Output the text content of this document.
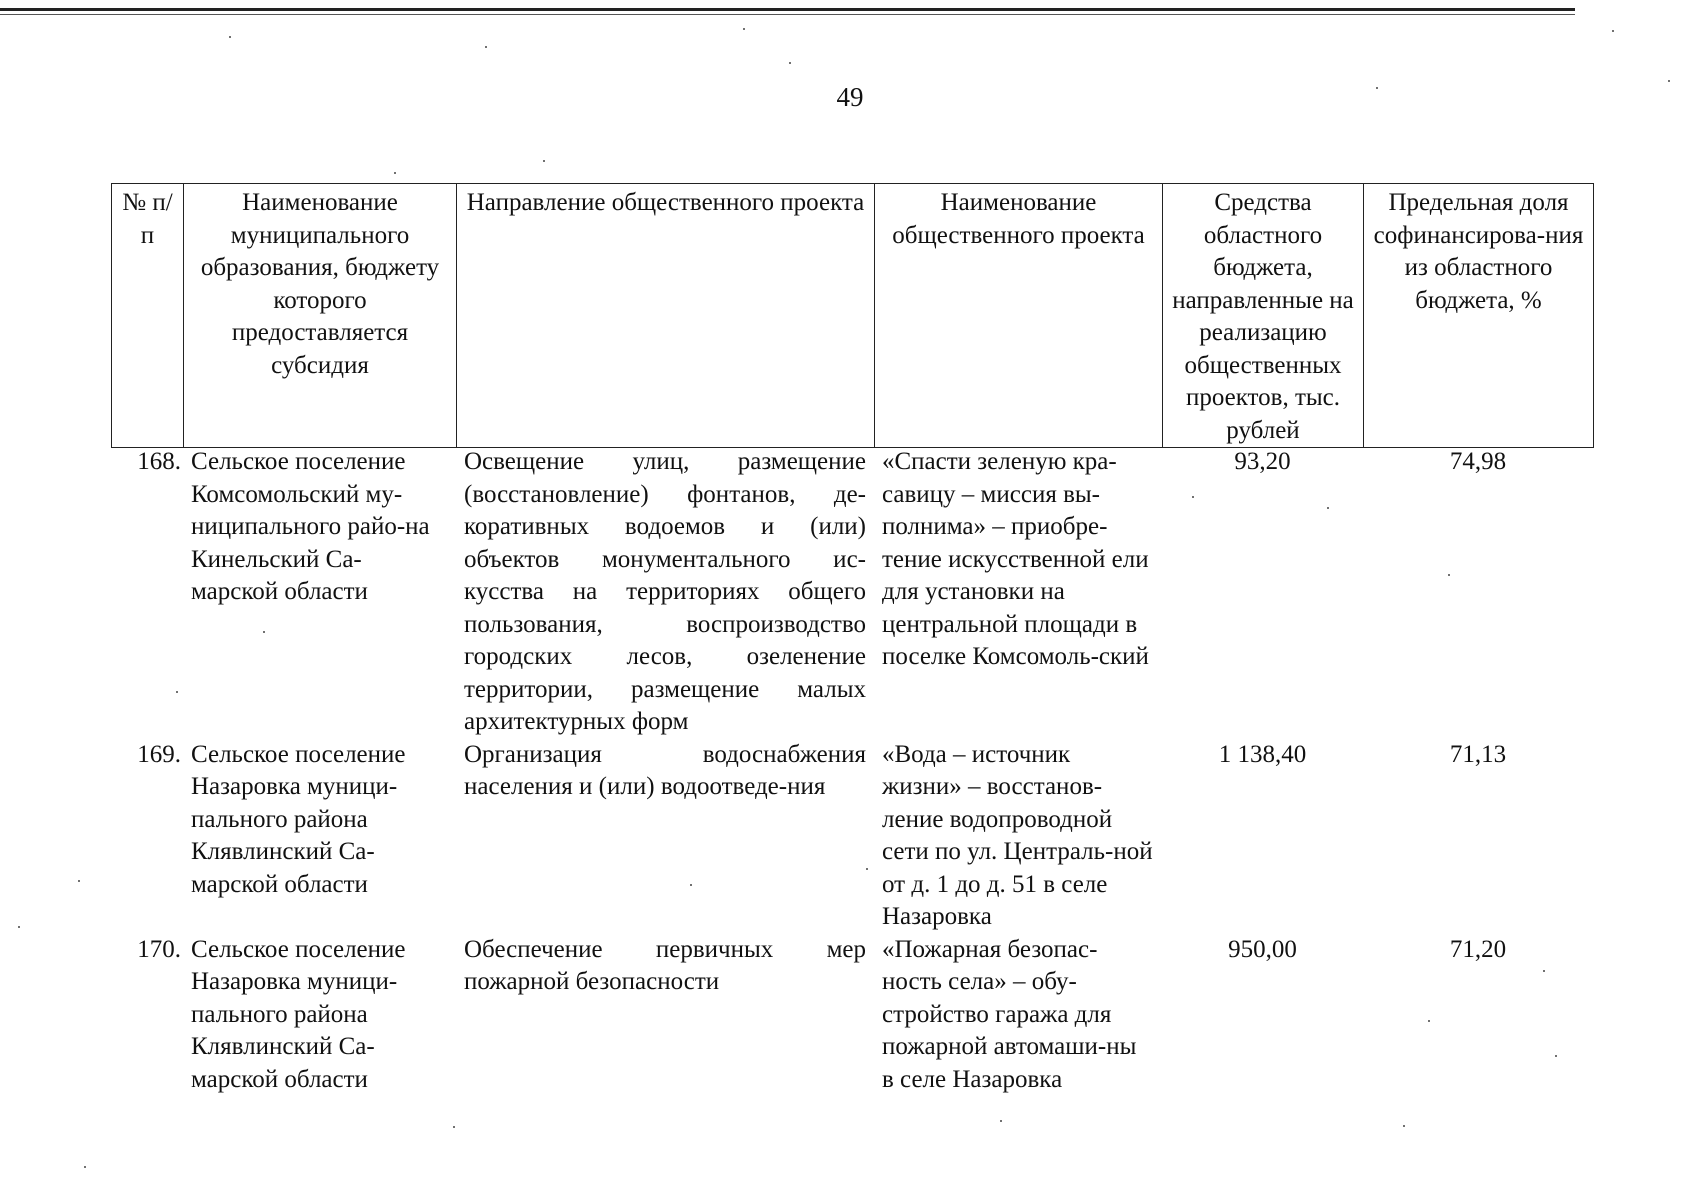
49
№ п/п	Наименование муниципального образования, бюджету которого предоставляется субсидия	Направление общественного проекта	Наименование общественного проекта	Средства областного бюджета, направленные на реализацию общественных проектов, тыс. рублей	Предельная доля софинансирова-ния из областного бюджета, %
168.	Сельское поселение Комсомольский му-ниципального райо-на Кинельский Са-марской области	Освещение улиц, размещение (восстановление) фонтанов, де-коративных водоемов и (или) объектов монументального ис-кусства на территориях общего пользования, воспроизводство городских лесов, озеленение территории, размещение малых архитектурных форм	«Спасти зеленую кра-савицу – миссия вы-полнима» – приобре-тение искусственной ели для установки на центральной площади в поселке Комсомоль-ский	93,20	74,98
169.	Сельское поселение Назаровка муници-пального района Клявлинский Са-марской области	Организация водоснабжения населения и (или) водоотведе-ния	«Вода – источник жизни» – восстанов-ление водопроводной сети по ул. Централь-ной от д. 1 до д. 51 в селе Назаровка	1 138,40	71,13
170.	Сельское поселение Назаровка муници-пального района Клявлинский Са-марской области	Обеспечение первичных мер пожарной безопасности	«Пожарная безопас-ность села» – обу-стройство гаража для пожарной автомаши-ны в селе Назаровка	950,00	71,20
